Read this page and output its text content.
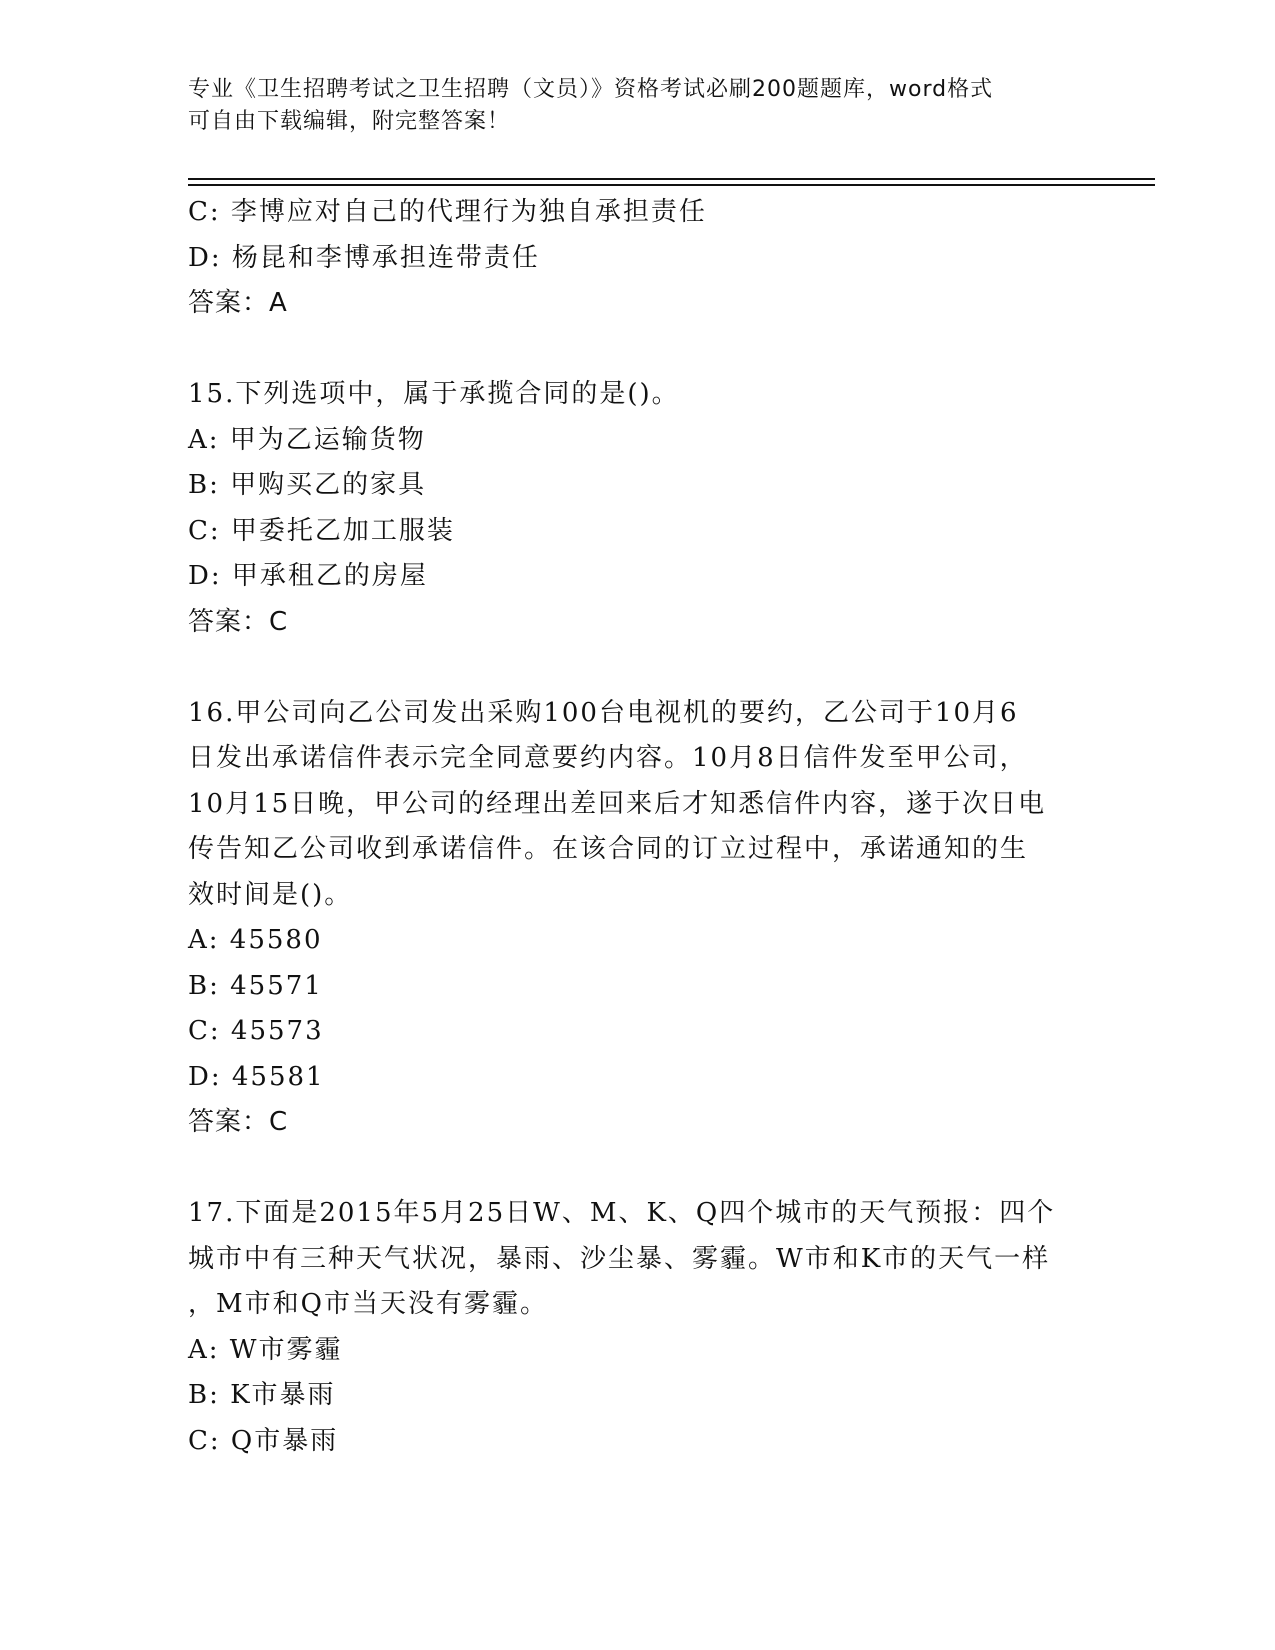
专业《卫生招聘考试之卫生招聘（文员）》资格考试必刷200题题库，word格式
可自由下载编辑，附完整答案！
C: 李博应对自己的代理行为独自承担责任
D: 杨昆和李博承担连带责任
答案：A
15.下列选项中，属于承揽合同的是()。
A: 甲为乙运输货物
B: 甲购买乙的家具
C: 甲委托乙加工服装
D: 甲承租乙的房屋
答案：C
16.甲公司向乙公司发出采购100台电视机的要约，乙公司于10月6
日发出承诺信件表示完全同意要约内容。10月8日信件发至甲公司，
10月15日晚，甲公司的经理出差回来后才知悉信件内容，遂于次日电
传告知乙公司收到承诺信件。在该合同的订立过程中，承诺通知的生
效时间是()。
A: 45580
B: 45571
C: 45573
D: 45581
答案：C
17.下面是2015年5月25日W、M、K、Q四个城市的天气预报：四个
城市中有三种天气状况，暴雨、沙尘暴、雾霾。W市和K市的天气一样
，M市和Q市当天没有雾霾。
A: W市雾霾
B: K市暴雨
C: Q市暴雨
